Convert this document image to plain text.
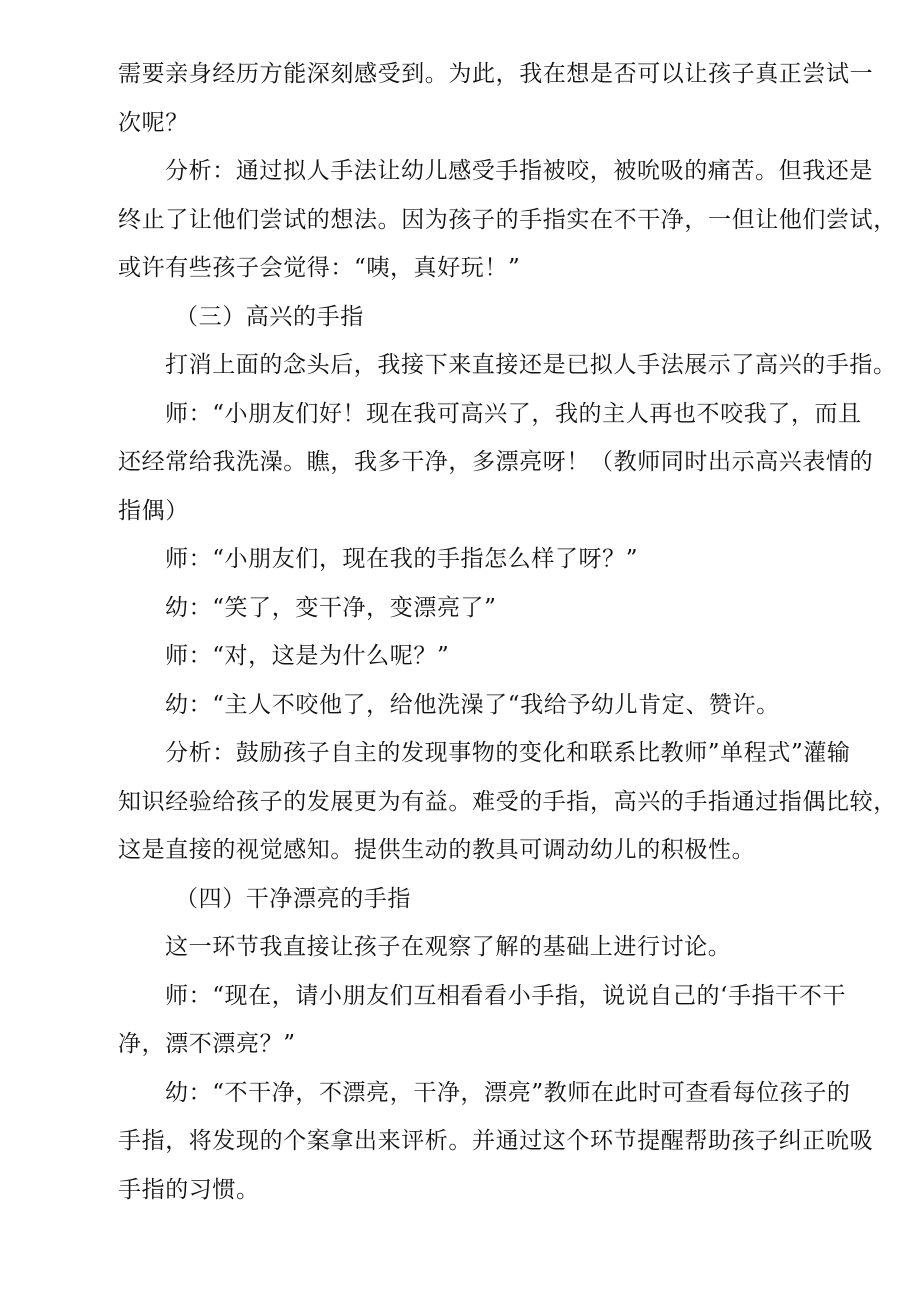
需要亲身经历方能深刻感受到。为此，我在想是否可以让孩子真正尝试一
次呢？
分析：通过拟人手法让幼儿感受手指被咬，被吮吸的痛苦。但我还是
终止了让他们尝试的想法。因为孩子的手指实在不干净，一但让他们尝试，
或许有些孩子会觉得：“咦，真好玩！”
（三）高兴的手指
打消上面的念头后，我接下来直接还是已拟人手法展示了高兴的手指。
师：“小朋友们好！现在我可高兴了，我的主人再也不咬我了，而且
还经常给我洗澡。瞧，我多干净，多漂亮呀！（教师同时出示高兴表情的
指偶）
师：“小朋友们，现在我的手指怎么样了呀？”
幼：“笑了，变干净，变漂亮了”
师：“对，这是为什么呢？”
幼：“主人不咬他了，给他洗澡了“我给予幼儿肯定、赞许。
分析：鼓励孩子自主的发现事物的变化和联系比教师”单程式”灌输
知识经验给孩子的发展更为有益。难受的手指，高兴的手指通过指偶比较，
这是直接的视觉感知。提供生动的教具可调动幼儿的积极性。
（四）干净漂亮的手指
这一环节我直接让孩子在观察了解的基础上进行讨论。
师：“现在，请小朋友们互相看看小手指，说说自己的‘手指干不干
净，漂不漂亮？”
幼：“不干净，不漂亮，干净，漂亮”教师在此时可查看每位孩子的
手指，将发现的个案拿出来评析。并通过这个环节提醒帮助孩子纠正吮吸
手指的习惯。
